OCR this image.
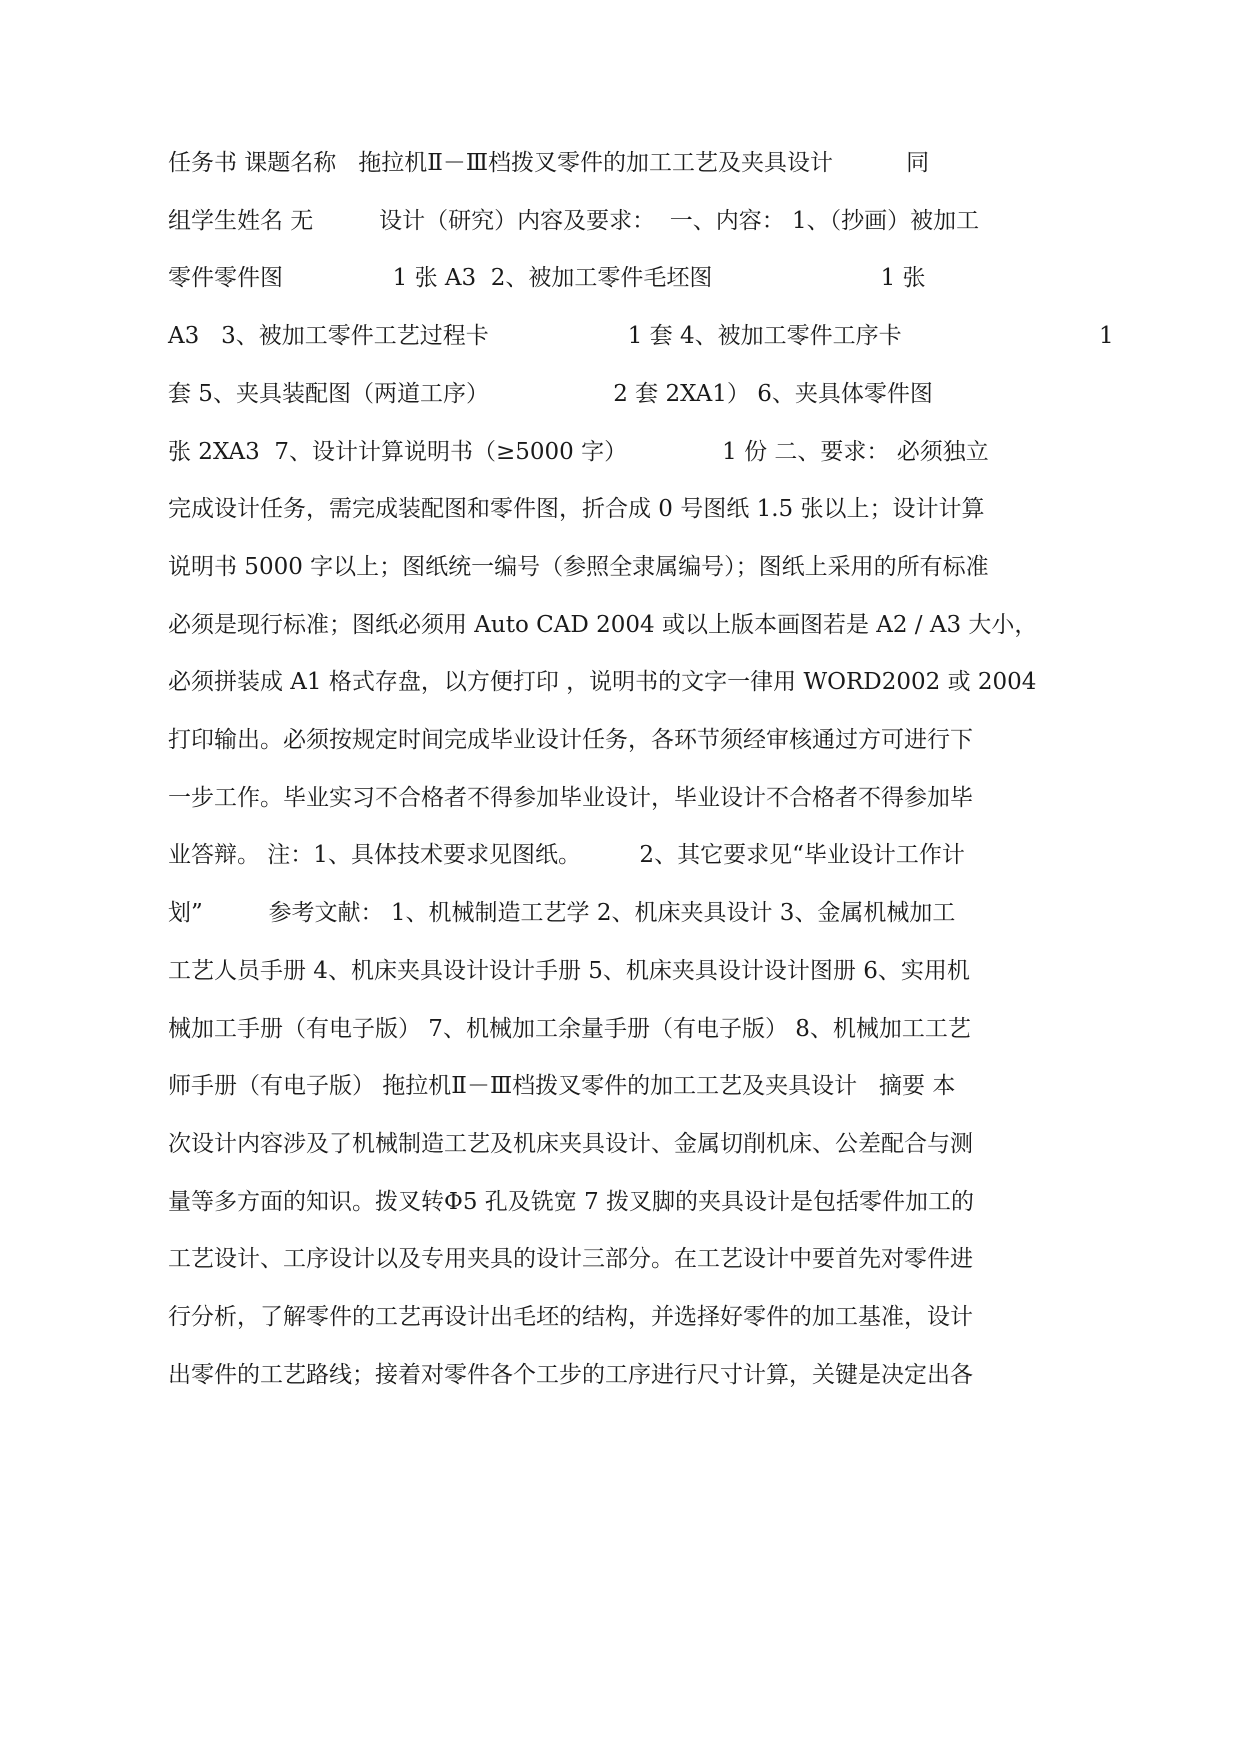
任务书 课题名称   拖拉机Ⅱ－Ⅲ档拨叉零件的加工工艺及夹具设计          同

组学生姓名 无         设计（研究）内容及要求：  一、内容： 1、（抄画）被加工

零件零件图               1 张 A3  2、被加工零件毛坯图                       1 张

A3   3、被加工零件工艺过程卡                   1 套 4、被加工零件工序卡                           1

套 5、夹具装配图（两道工序）                 2 套 2XA1） 6、夹具体零件图

张 2XA3  7、设计计算说明书（≥5000 字）             1 份 二、要求： 必须独立

完成设计任务，需完成装配图和零件图，折合成 0 号图纸 1.5 张以上；设计计算

说明书 5000 字以上；图纸统一编号（参照全隶属编号）；图纸上采用的所有标准

必须是现行标准；图纸必须用 Auto CAD 2004 或以上版本画图若是 A2 / A3 大小，

必须拼装成 A1 格式存盘，以方便打印 ，说明书的文字一律用 WORD2002 或 2004

打印输出。必须按规定时间完成毕业设计任务，各环节须经审核通过方可进行下

一步工作。毕业实习不合格者不得参加毕业设计，毕业设计不合格者不得参加毕

业答辩。 注：1、具体技术要求见图纸。        2、其它要求见“毕业设计工作计

划”         参考文献： 1、机械制造工艺学 2、机床夹具设计 3、金属机械加工

工艺人员手册 4、机床夹具设计设计手册 5、机床夹具设计设计图册 6、实用机

械加工手册（有电子版） 7、机械加工余量手册（有电子版） 8、机械加工工艺

师手册（有电子版） 拖拉机Ⅱ－Ⅲ档拨叉零件的加工工艺及夹具设计   摘要 本

次设计内容涉及了机械制造工艺及机床夹具设计、金属切削机床、公差配合与测

量等多方面的知识。拨叉转Φ5 孔及铣宽 7 拨叉脚的夹具设计是包括零件加工的

工艺设计、工序设计以及专用夹具的设计三部分。在工艺设计中要首先对零件进

行分析，了解零件的工艺再设计出毛坯的结构，并选择好零件的加工基准，设计

出零件的工艺路线；接着对零件各个工步的工序进行尺寸计算，关键是决定出各
